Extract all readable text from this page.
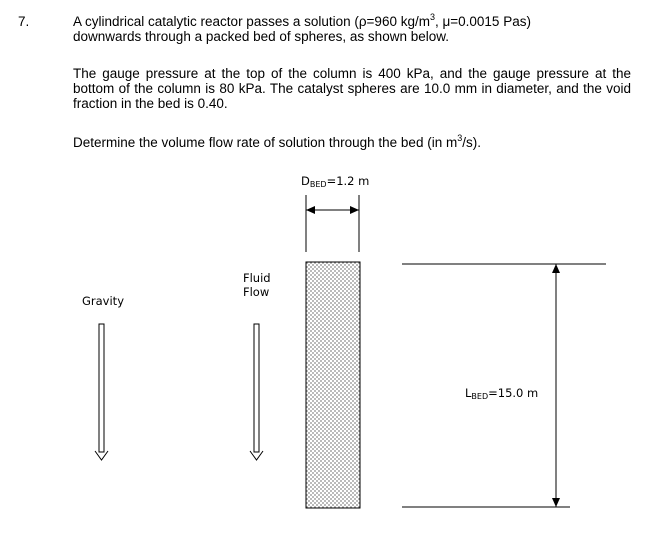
7.	A cylindrical catalytic reactor passes a solution (ρ=960 $kg/m^3$, μ=0.0015 Pas)
downwards through a packed bed of spheres, as shown below.

The gauge pressure at the top of the column is 400 kPa, and the gauge pressure at the bottom of the column is 80 kPa. The catalyst spheres are 10.0 mm in diameter, and the void fraction in the bed is 0.40.

Determine the volume flow rate of solution through the bed (in $m^3/s$).

Gravity
Fluid
Flow
DBED=1.2 m
LBED=15.0 m
